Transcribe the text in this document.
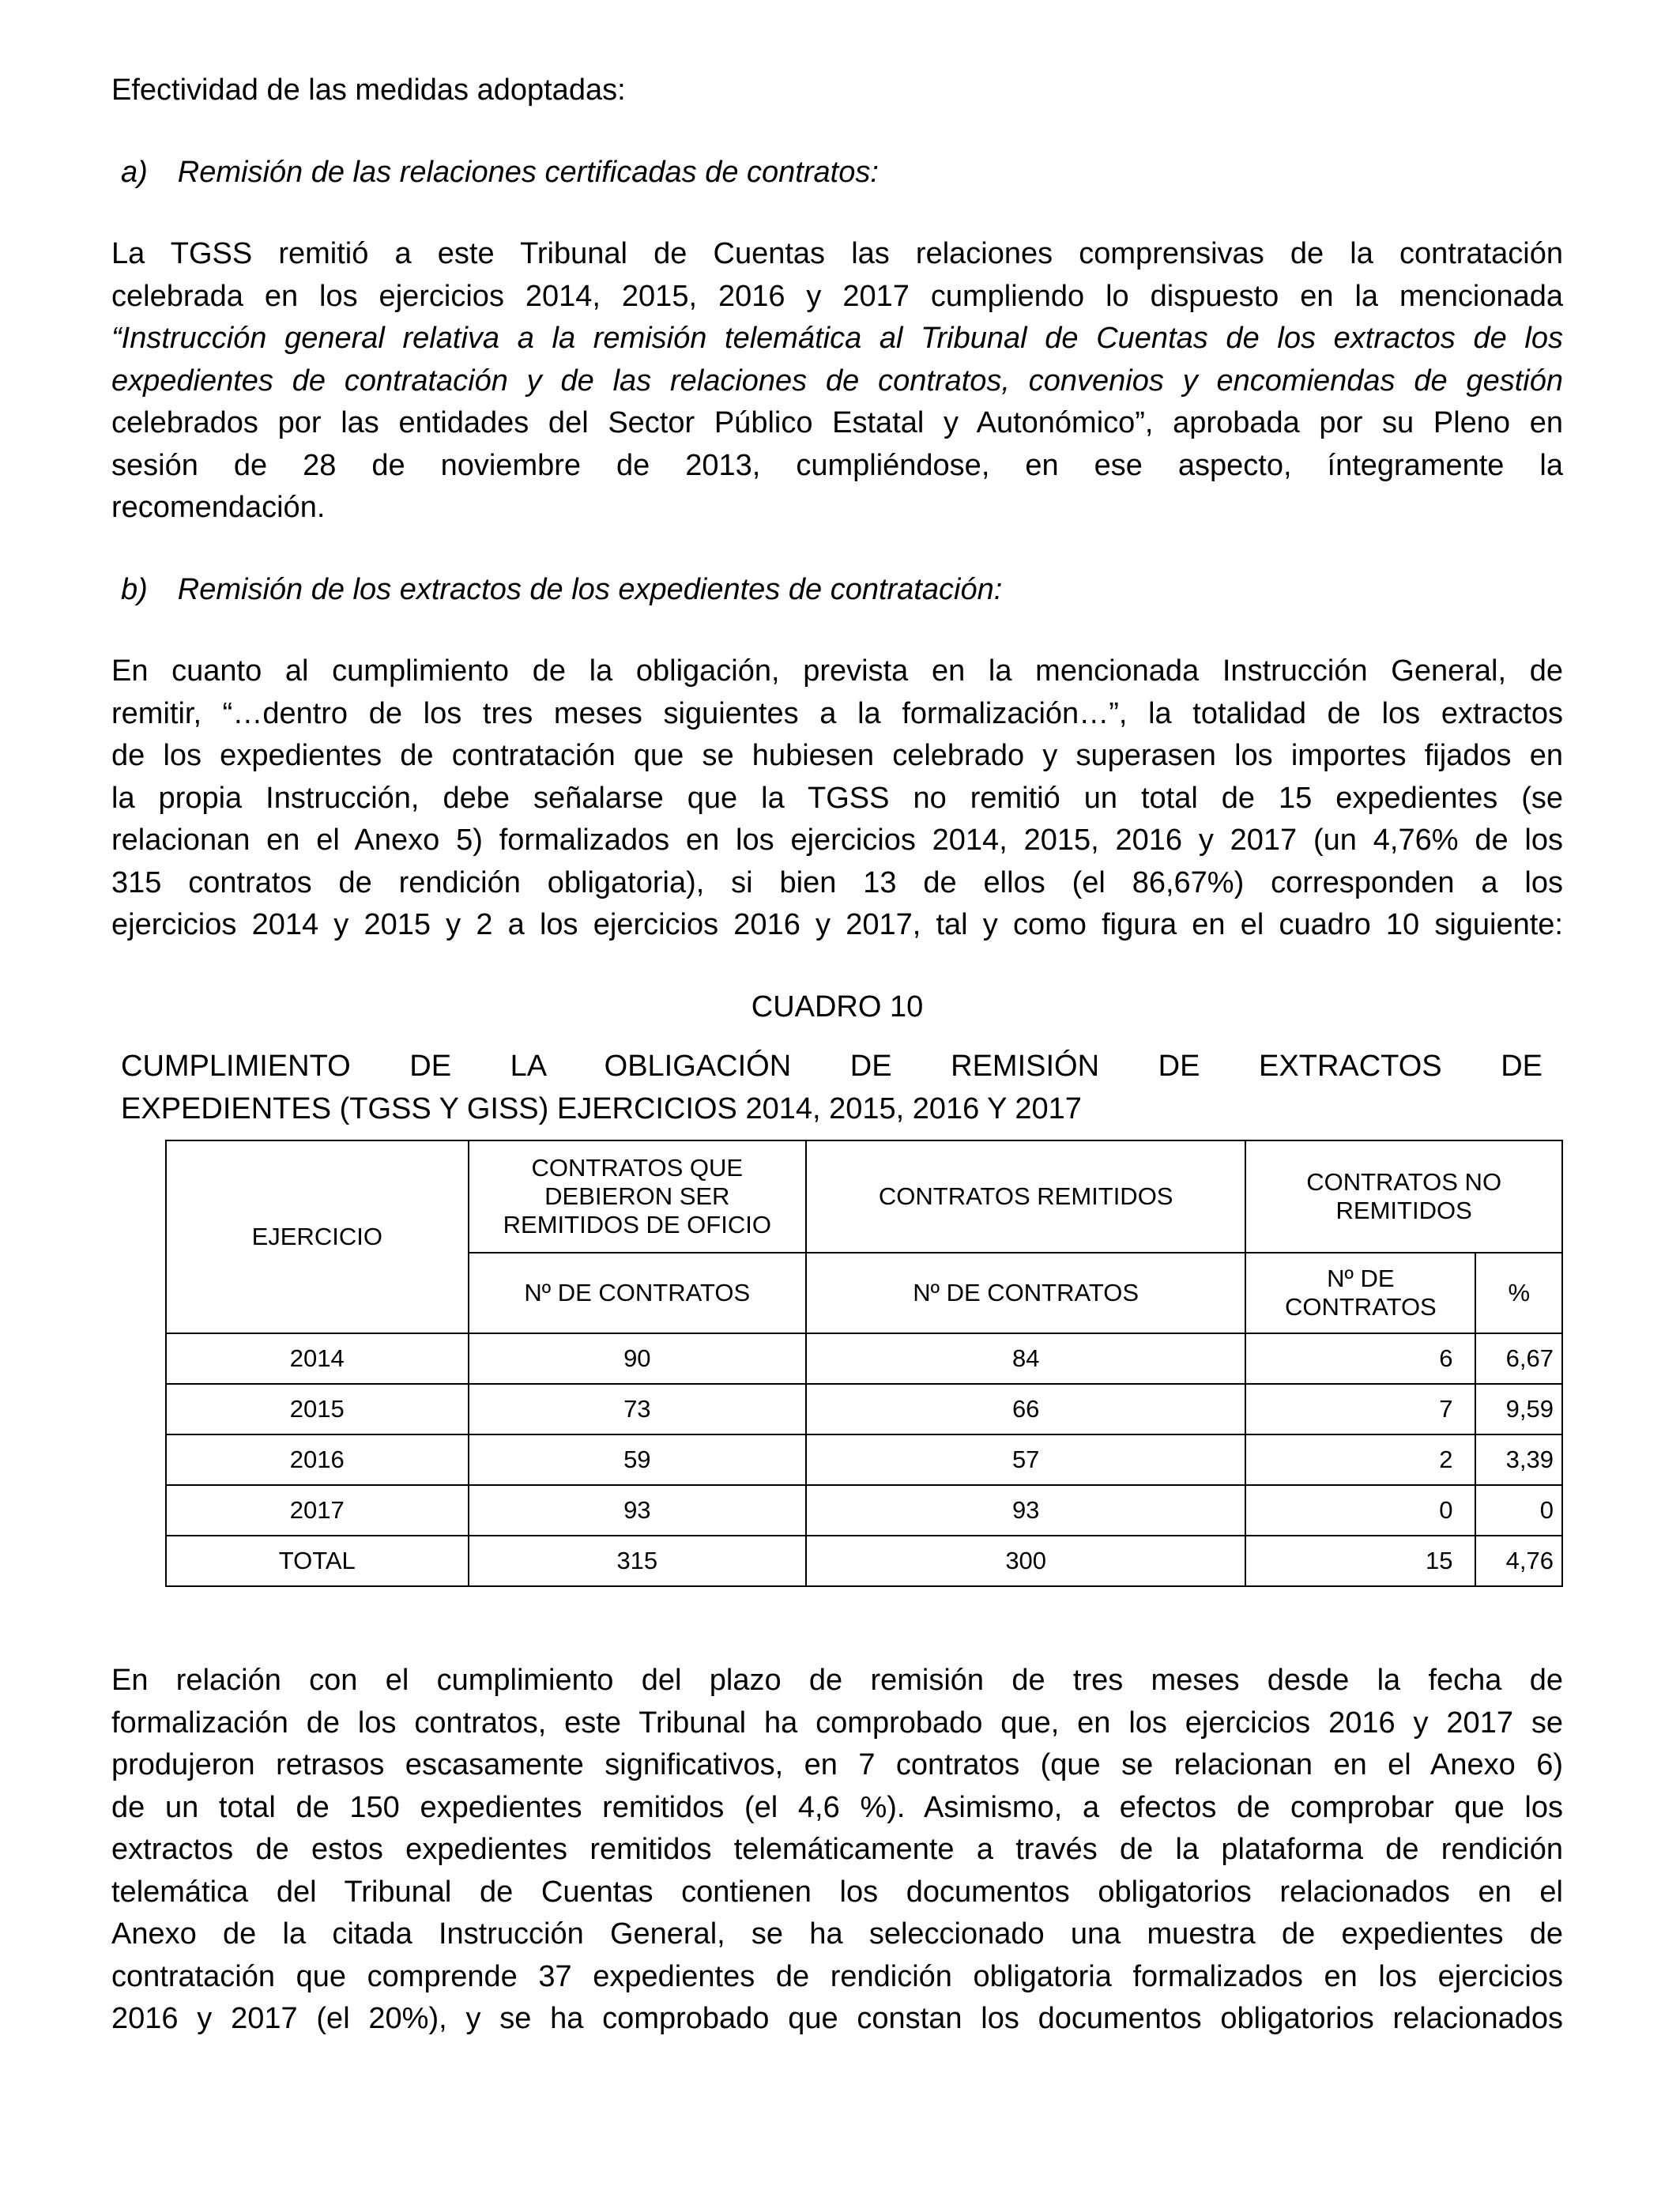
Efectividad de las medidas adoptadas:

a) Remisión de las relaciones certificadas de contratos:

La TGSS remitió a este Tribunal de Cuentas las relaciones comprensivas de la contratación
celebrada en los ejercicios 2014, 2015, 2016 y 2017 cumpliendo lo dispuesto en la mencionada
“Instrucción general relativa a la remisión telemática al Tribunal de Cuentas de los extractos de los
expedientes de contratación y de las relaciones de contratos, convenios y encomiendas de gestión
celebrados por las entidades del Sector Público Estatal y Autonómico”, aprobada por su Pleno en
sesión de 28 de noviembre de 2013, cumpliéndose, en ese aspecto, íntegramente la
recomendación.

b) Remisión de los extractos de los expedientes de contratación:

En cuanto al cumplimiento de la obligación, prevista en la mencionada Instrucción General, de
remitir, “…dentro de los tres meses siguientes a la formalización…”, la totalidad de los extractos
de los expedientes de contratación que se hubiesen celebrado y superasen los importes fijados en
la propia Instrucción, debe señalarse que la TGSS no remitió un total de 15 expedientes (se
relacionan en el Anexo 5) formalizados en los ejercicios 2014, 2015, 2016 y 2017 (un 4,76% de los
315 contratos de rendición obligatoria), si bien 13 de ellos (el 86,67%) corresponden a los
ejercicios 2014 y 2015 y 2 a los ejercicios 2016 y 2017, tal y como figura en el cuadro 10 siguiente:

CUADRO 10

CUMPLIMIENTO DE LA OBLIGACIÓN DE REMISIÓN DE EXTRACTOS DE
EXPEDIENTES (TGSS Y GISS) EJERCICIOS 2014, 2015, 2016 Y 2017
EJERCICIO	CONTRATOS QUE DEBIERON SER REMITIDOS DE OFICIO	CONTRATOS REMITIDOS	CONTRATOS NO REMITIDOS	
	Nº DE CONTRATOS	Nº DE CONTRATOS	Nº DE CONTRATOS	%
2014	90	84	6	6,67
2015	73	66	7	9,59
2016	59	57	2	3,39
2017	93	93	0	0
TOTAL	315	300	15	4,76
En relación con el cumplimiento del plazo de remisión de tres meses desde la fecha de
formalización de los contratos, este Tribunal ha comprobado que, en los ejercicios 2016 y 2017 se
produjeron retrasos escasamente significativos, en 7 contratos (que se relacionan en el Anexo 6)
de un total de 150 expedientes remitidos (el 4,6 %). Asimismo, a efectos de comprobar que los
extractos de estos expedientes remitidos telemáticamente a través de la plataforma de rendición
telemática del Tribunal de Cuentas contienen los documentos obligatorios relacionados en el
Anexo de la citada Instrucción General, se ha seleccionado una muestra de expedientes de
contratación que comprende 37 expedientes de rendición obligatoria formalizados en los ejercicios
2016 y 2017 (el 20%), y se ha comprobado que constan los documentos obligatorios relacionados
